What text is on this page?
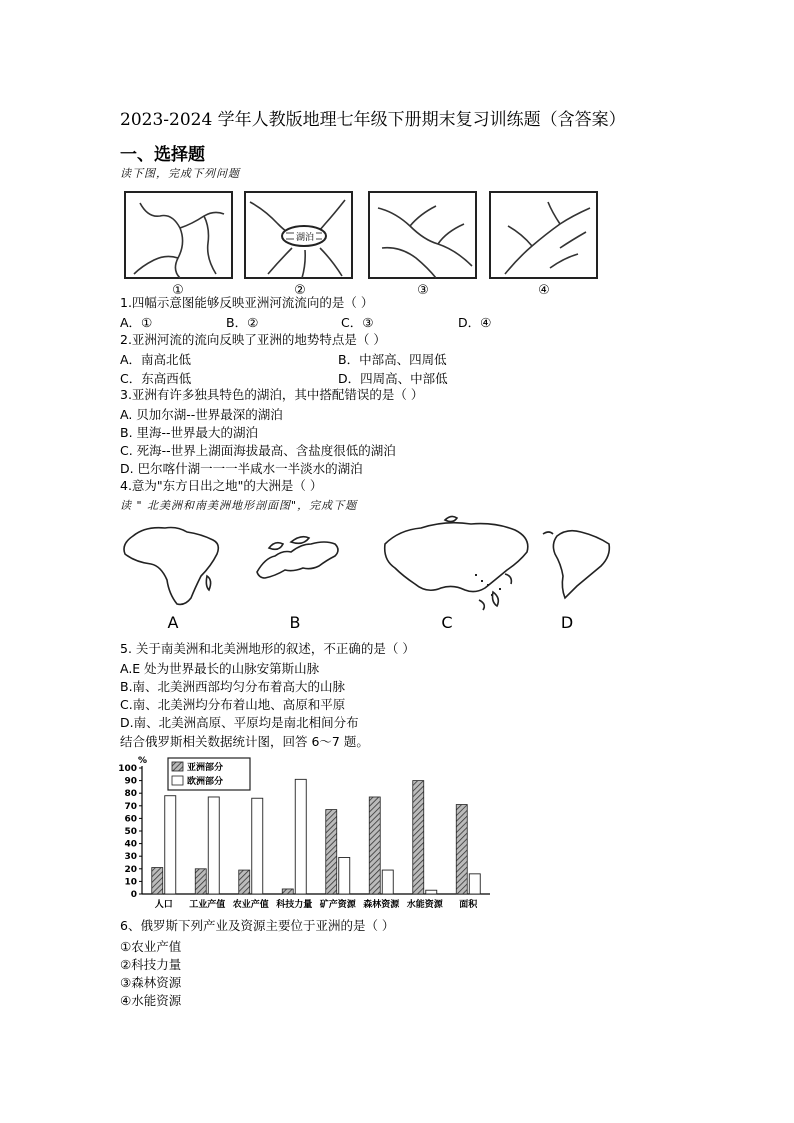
2023-2024 学年人教版地理七年级下册期末复习训练题（含答案）
一、选择题
读下图，完成下列问题
湖泊
①	②	③	④
1.四幅示意图能够反映亚洲河流流向的是（ ）
A．①	B．②	C．③	D．④
2.亚洲河流的流向反映了亚洲的地势特点是（ ）
A．南高北低	B．中部高、四周低
C．东高西低	D．四周高、中部低
3.亚洲有许多独具特色的湖泊，其中搭配错误的是（ ）
A. 贝加尔湖--世界最深的湖泊
B. 里海--世界最大的湖泊
C. 死海--世界上湖面海拔最高、含盐度很低的湖泊
D. 巴尔喀什湖一一一半咸水一半淡水的湖泊
4.意为"东方日出之地"的大洲是（ ）
读 " 北美洲和南美洲地形剖面图"，完成下题
A	B	C	D
5. 关于南美洲和北美洲地形的叙述，不正确的是（ ）
A.E 处为世界最长的山脉安第斯山脉
B.南、北美洲西部均匀分布着高大的山脉
C.南、北美洲均分布着山地、高原和平原
D.南、北美洲高原、平原均是南北相间分布
结合俄罗斯相关数据统计图，回答 6～7 题。
%
0
10
20
30
40
50
60
70
80
90
100
人口 工业产值 农业产值 科技力量 矿产资源 森林资源 水能资源 面积
亚洲部分
欧洲部分
6、俄罗斯下列产业及资源主要位于亚洲的是（ ）
①农业产值
②科技力量
③森林资源
④水能资源
